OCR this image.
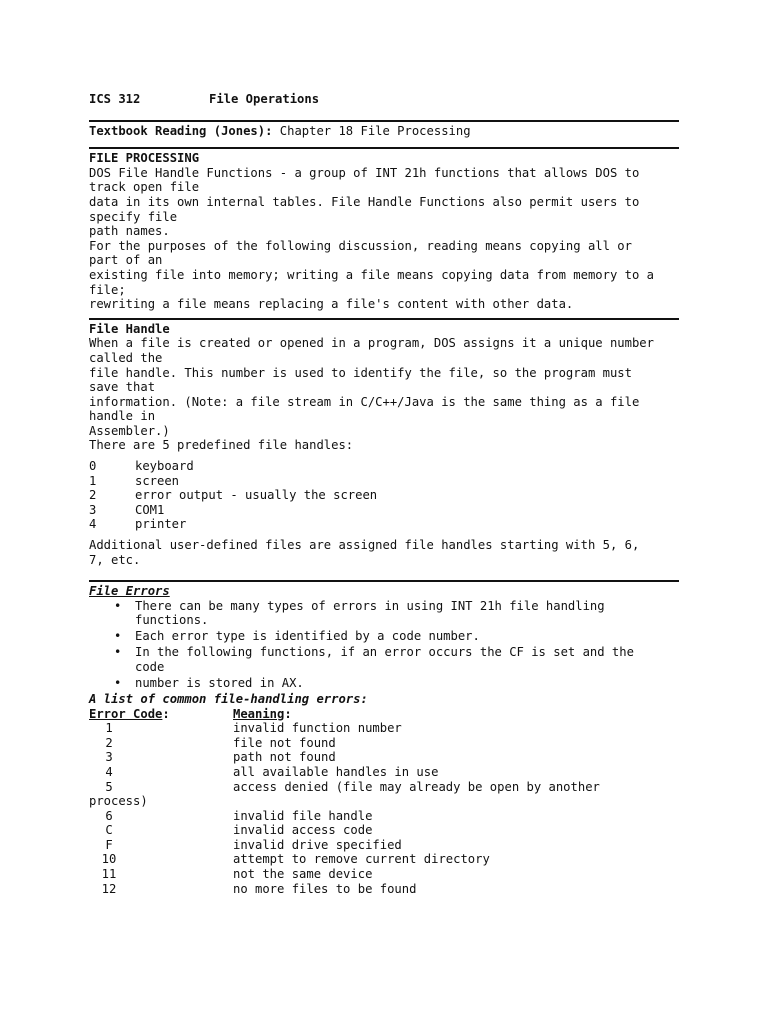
ICS 312	File Operations
Textbook Reading (Jones): Chapter 18 File Processing
FILE PROCESSING
DOS File Handle Functions - a group of INT 21h functions that allows DOS to
track open file
data in its own internal tables. File Handle Functions also permit users to
specify file
path names.
For the purposes of the following discussion, reading means copying all or
part of an
existing file into memory; writing a file means copying data from memory to a
file;
rewriting a file means replacing a file's content with other data.
File Handle
When a file is created or opened in a program, DOS assigns it a unique number
called the
file handle. This number is used to identify the file, so the program must
save that
information. (Note: a file stream in C/C++/Java is the same thing as a file
handle in
Assembler.)
There are 5 predefined file handles:
0	keyboard
1	screen
2	error output - usually the screen
3	COM1
4	printer
Additional user-defined files are assigned file handles starting with 5, 6,
7, etc.
File Errors
• There can be many types of errors in using INT 21h file handling
functions.
• Each error type is identified by a code number.
• In the following functions, if an error occurs the CF is set and the
code
• number is stored in AX.
A list of common file-handling errors:
Error Code:	Meaning:
1	invalid function number
2	file not found
3	path not found
4	all available handles in use
5	access denied (file may already be open by another
process)
6	invalid file handle
C	invalid access code
F	invalid drive specified
10	attempt to remove current directory
11	not the same device
12	no more files to be found
